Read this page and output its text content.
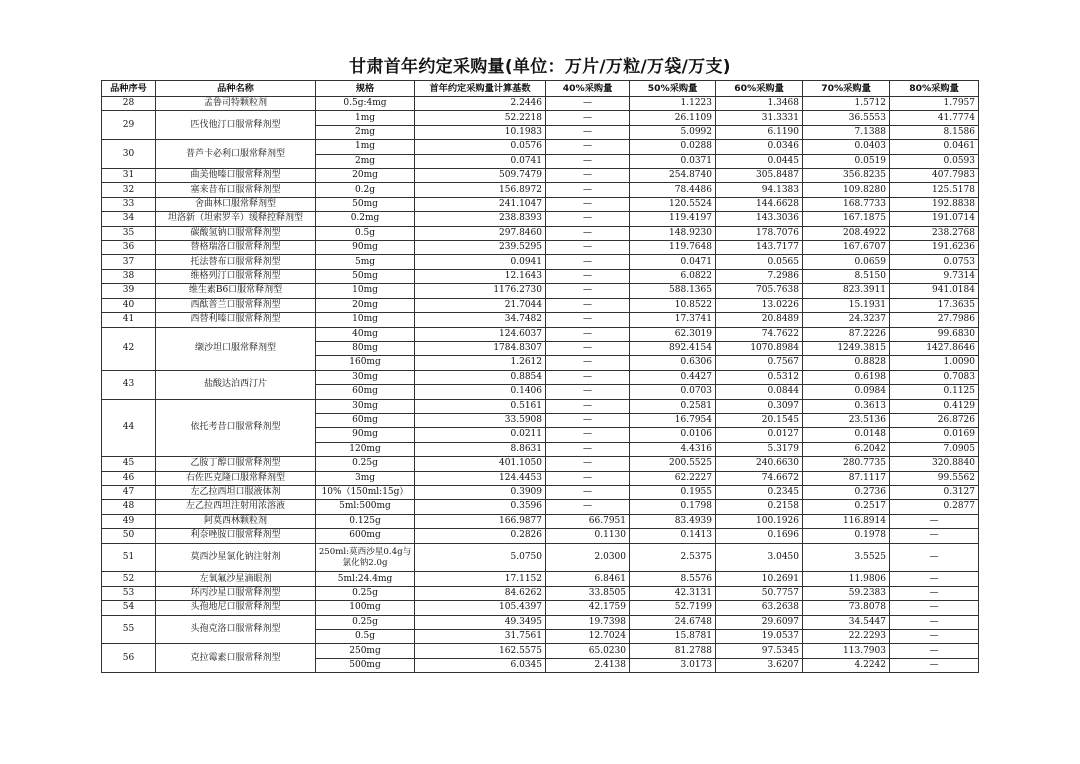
甘肃首年约定采购量(单位：万片/万粒/万袋/万支)
品种序号	品种名称	规格	首年约定采购量计算基数	40%采购量	50%采购量	60%采购量	70%采购量	80%采购量
28	孟鲁司特颗粒剂	0.5g:4mg	2.2446	—	1.1223	1.3468	1.5712	1.7957
29	匹伐他汀口服常释剂型	1mg	52.2218	—	26.1109	31.3331	36.5553	41.7774
		2mg	10.1983	—	5.0992	6.1190	7.1388	8.1586
30	普芦卡必利口服常释剂型	1mg	0.0576	—	0.0288	0.0346	0.0403	0.0461
		2mg	0.0741	—	0.0371	0.0445	0.0519	0.0593
31	曲美他嗪口服常释剂型	20mg	509.7479	—	254.8740	305.8487	356.8235	407.7983
32	塞来昔布口服常释剂型	0.2g	156.8972	—	78.4486	94.1383	109.8280	125.5178
33	舍曲林口服常释剂型	50mg	241.1047	—	120.5524	144.6628	168.7733	192.8838
34	坦洛新（坦索罗辛）缓释控释剂型	0.2mg	238.8393	—	119.4197	143.3036	167.1875	191.0714
35	碳酸氢钠口服常释剂型	0.5g	297.8460	—	148.9230	178.7076	208.4922	238.2768
36	替格瑞洛口服常释剂型	90mg	239.5295	—	119.7648	143.7177	167.6707	191.6236
37	托法替布口服常释剂型	5mg	0.0941	—	0.0471	0.0565	0.0659	0.0753
38	维格列汀口服常释剂型	50mg	12.1643	—	6.0822	7.2986	8.5150	9.7314
39	维生素B6口服常释剂型	10mg	1176.2730	—	588.1365	705.7638	823.3911	941.0184
40	西酞普兰口服常释剂型	20mg	21.7044	—	10.8522	13.0226	15.1931	17.3635
41	西替利嗪口服常释剂型	10mg	34.7482	—	17.3741	20.8489	24.3237	27.7986
42	缬沙坦口服常释剂型	40mg	124.6037	—	62.3019	74.7622	87.2226	99.6830
		80mg	1784.8307	—	892.4154	1070.8984	1249.3815	1427.8646
		160mg	1.2612	—	0.6306	0.7567	0.8828	1.0090
43	盐酸达泊西汀片	30mg	0.8854	—	0.4427	0.5312	0.6198	0.7083
		60mg	0.1406	—	0.0703	0.0844	0.0984	0.1125
44	依托考昔口服常释剂型	30mg	0.5161	—	0.2581	0.3097	0.3613	0.4129
		60mg	33.5908	—	16.7954	20.1545	23.5136	26.8726
		90mg	0.0211	—	0.0106	0.0127	0.0148	0.0169
		120mg	8.8631	—	4.4316	5.3179	6.2042	7.0905
45	乙胺丁醇口服常释剂型	0.25g	401.1050	—	200.5525	240.6630	280.7735	320.8840
46	右佐匹克隆口服常释剂型	3mg	124.4453	—	62.2227	74.6672	87.1117	99.5562
47	左乙拉西坦口服液体剂	10%（150ml:15g）	0.3909	—	0.1955	0.2345	0.2736	0.3127
48	左乙拉西坦注射用浓溶液	5ml:500mg	0.3596	—	0.1798	0.2158	0.2517	0.2877
49	阿莫西林颗粒剂	0.125g	166.9877	66.7951	83.4939	100.1926	116.8914	—
50	利奈唑胺口服常释剂型	600mg	0.2826	0.1130	0.1413	0.1696	0.1978	—
51	莫西沙星氯化钠注射剂	250ml:莫西沙星0.4g与氯化钠2.0g	5.0750	2.0300	2.5375	3.0450	3.5525	—
52	左氧氟沙星滴眼剂	5ml:24.4mg	17.1152	6.8461	8.5576	10.2691	11.9806	—
53	环丙沙星口服常释剂型	0.25g	84.6262	33.8505	42.3131	50.7757	59.2383	—
54	头孢地尼口服常释剂型	100mg	105.4397	42.1759	52.7199	63.2638	73.8078	—
55	头孢克洛口服常释剂型	0.25g	49.3495	19.7398	24.6748	29.6097	34.5447	—
		0.5g	31.7561	12.7024	15.8781	19.0537	22.2293	—
56	克拉霉素口服常释剂型	250mg	162.5575	65.0230	81.2788	97.5345	113.7903	—
		500mg	6.0345	2.4138	3.0173	3.6207	4.2242	—
